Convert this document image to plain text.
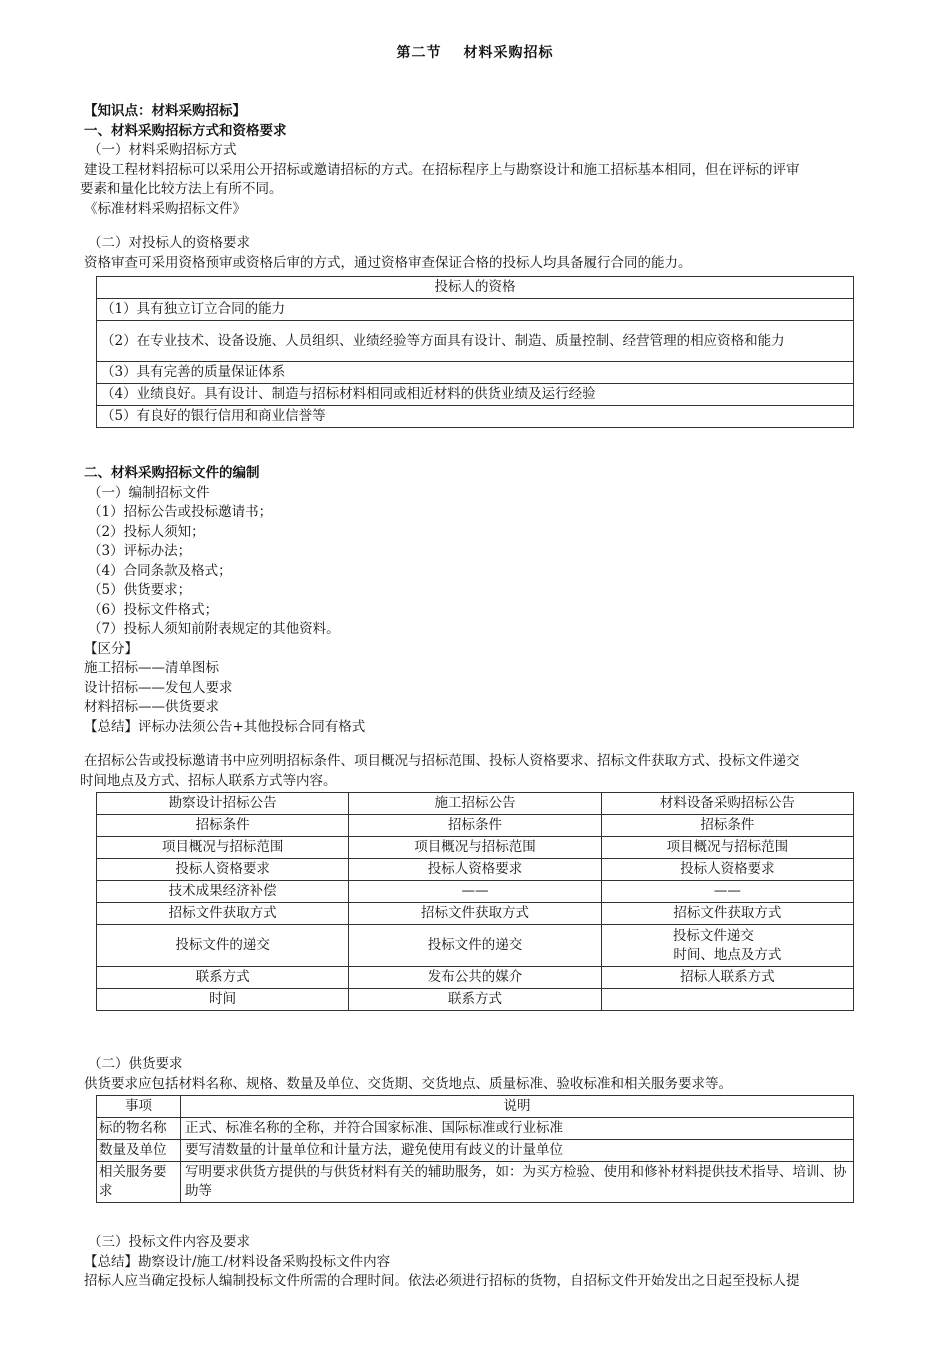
第二节 材料采购招标
【知识点：材料采购招标】
一、材料采购招标方式和资格要求
（一）材料采购招标方式
建设工程材料招标可以采用公开招标或邀请招标的方式。在招标程序上与勘察设计和施工招标基本相同，但在评标的评审
要素和量化比较方法上有所不同。
《标准材料采购招标文件》
（二）对投标人的资格要求
资格审查可采用资格预审或资格后审的方式，通过资格审查保证合格的投标人均具备履行合同的能力。
投标人的资格
（1）具有独立订立合同的能力
（2）在专业技术、设备设施、人员组织、业绩经验等方面具有设计、制造、质量控制、经营管理的相应资格和能力
（3）具有完善的质量保证体系
（4）业绩良好。具有设计、制造与招标材料相同或相近材料的供货业绩及运行经验
（5）有良好的银行信用和商业信誉等
二、材料采购招标文件的编制
（一）编制招标文件
（1）招标公告或投标邀请书；
（2）投标人须知；
（3）评标办法；
（4）合同条款及格式；
（5）供货要求；
（6）投标文件格式；
（7）投标人须知前附表规定的其他资料。
【区分】
施工招标——清单图标
设计招标——发包人要求
材料招标——供货要求
【总结】评标办法须公告+其他投标合同有格式
在招标公告或投标邀请书中应列明招标条件、项目概况与招标范围、投标人资格要求、招标文件获取方式、投标文件递交
时间地点及方式、招标人联系方式等内容。
勘察设计招标公告	施工招标公告	材料设备采购招标公告
招标条件	招标条件	招标条件
项目概况与招标范围	项目概况与招标范围	项目概况与招标范围
投标人资格要求	投标人资格要求	投标人资格要求
技术成果经济补偿	——	——
招标文件获取方式	招标文件获取方式	招标文件获取方式
投标文件的递交	投标文件的递交	投标文件递交
时间、地点及方式

联系方式	发布公共的媒介	招标人联系方式
时间	联系方式	
（二）供货要求
供货要求应包括材料名称、规格、数量及单位、交货期、交货地点、质量标准、验收标准和相关服务要求等。
事项	说明
标的物名称	正式、标准名称的全称，并符合国家标准、国际标准或行业标准
数量及单位	要写清数量的计量单位和计量方法，避免使用有歧义的计量单位
相关服务要求	写明要求供货方提供的与供货材料有关的辅助服务，如：为买方检验、使用和修补材料提供技术指导、培训、协助等
（三）投标文件内容及要求
【总结】勘察设计/施工/材料设备采购投标文件内容
招标人应当确定投标人编制投标文件所需的合理时间。依法必须进行招标的货物，自招标文件开始发出之日起至投标人提
